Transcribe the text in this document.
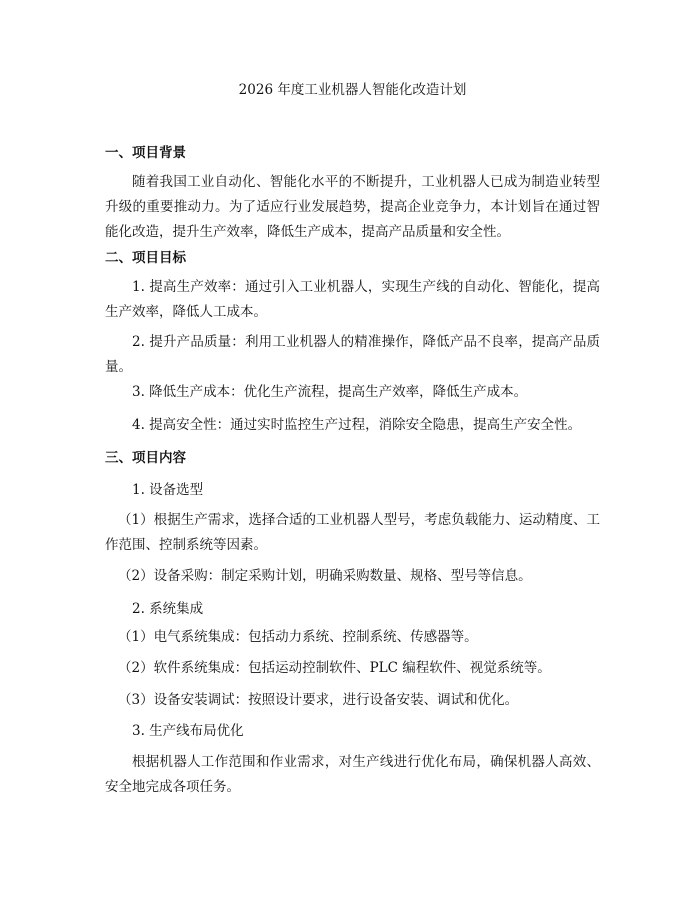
2026 年度工业机器人智能化改造计划
一、项目背景
随着我国工业自动化、智能化水平的不断提升，工业机器人已成为制造业转型升级的重要推动力。为了适应行业发展趋势，提高企业竞争力，本计划旨在通过智能化改造，提升生产效率，降低生产成本，提高产品质量和安全性。
二、项目目标
1. 提高生产效率：通过引入工业机器人，实现生产线的自动化、智能化，提高生产效率，降低人工成本。
2. 提升产品质量：利用工业机器人的精准操作，降低产品不良率，提高产品质量。
3. 降低生产成本：优化生产流程，提高生产效率，降低生产成本。
4. 提高安全性：通过实时监控生产过程，消除安全隐患，提高生产安全性。
三、项目内容
1. 设备选型
（1）根据生产需求，选择合适的工业机器人型号，考虑负载能力、运动精度、工作范围、控制系统等因素。
（2）设备采购：制定采购计划，明确采购数量、规格、型号等信息。
2. 系统集成
（1）电气系统集成：包括动力系统、控制系统、传感器等。
（2）软件系统集成：包括运动控制软件、PLC 编程软件、视觉系统等。
（3）设备安装调试：按照设计要求，进行设备安装、调试和优化。
3. 生产线布局优化
根据机器人工作范围和作业需求，对生产线进行优化布局，确保机器人高效、安全地完成各项任务。
